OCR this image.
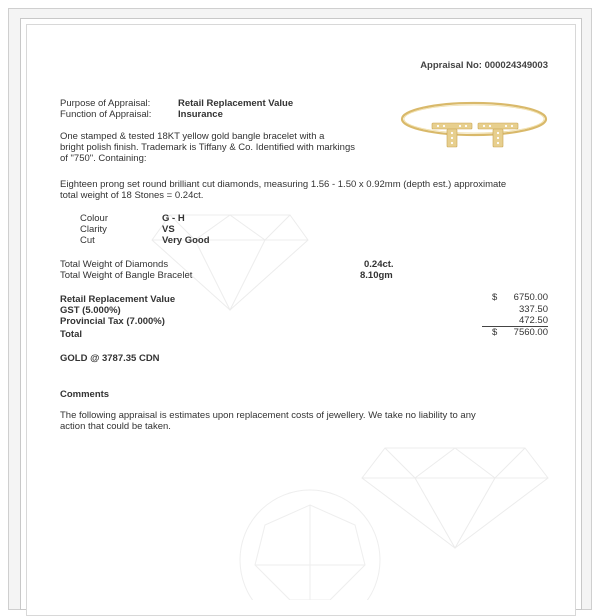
Appraisal No: 000024349003
Purpose of Appraisal:	Retail Replacement Value
Function of Appraisal:	Insurance
One stamped & tested 18KT yellow gold bangle bracelet with a
bright polish finish. Trademark is Tiffany & Co. Identified with markings
of "750". Containing:
Eighteen prong set round brilliant cut diamonds, measuring 1.56 - 1.50 x 0.92mm (depth est.) approximate
total weight of 18 Stones = 0.24ct.
Colour	G - H
Clarity	VS
Cut	Very Good
Total Weight of Diamonds	0.24ct.
Total Weight of Bangle Bracelet	8.10gm
Retail Replacement Value	$	6750.00
GST (5.000%)	337.50
Provincial Tax (7.000%)	472.50
Total	$	7560.00
GOLD @ 3787.35 CDN
Comments
The following appraisal is estimates upon replacement costs of jewellery. We take no liability to any
action that could be taken.
